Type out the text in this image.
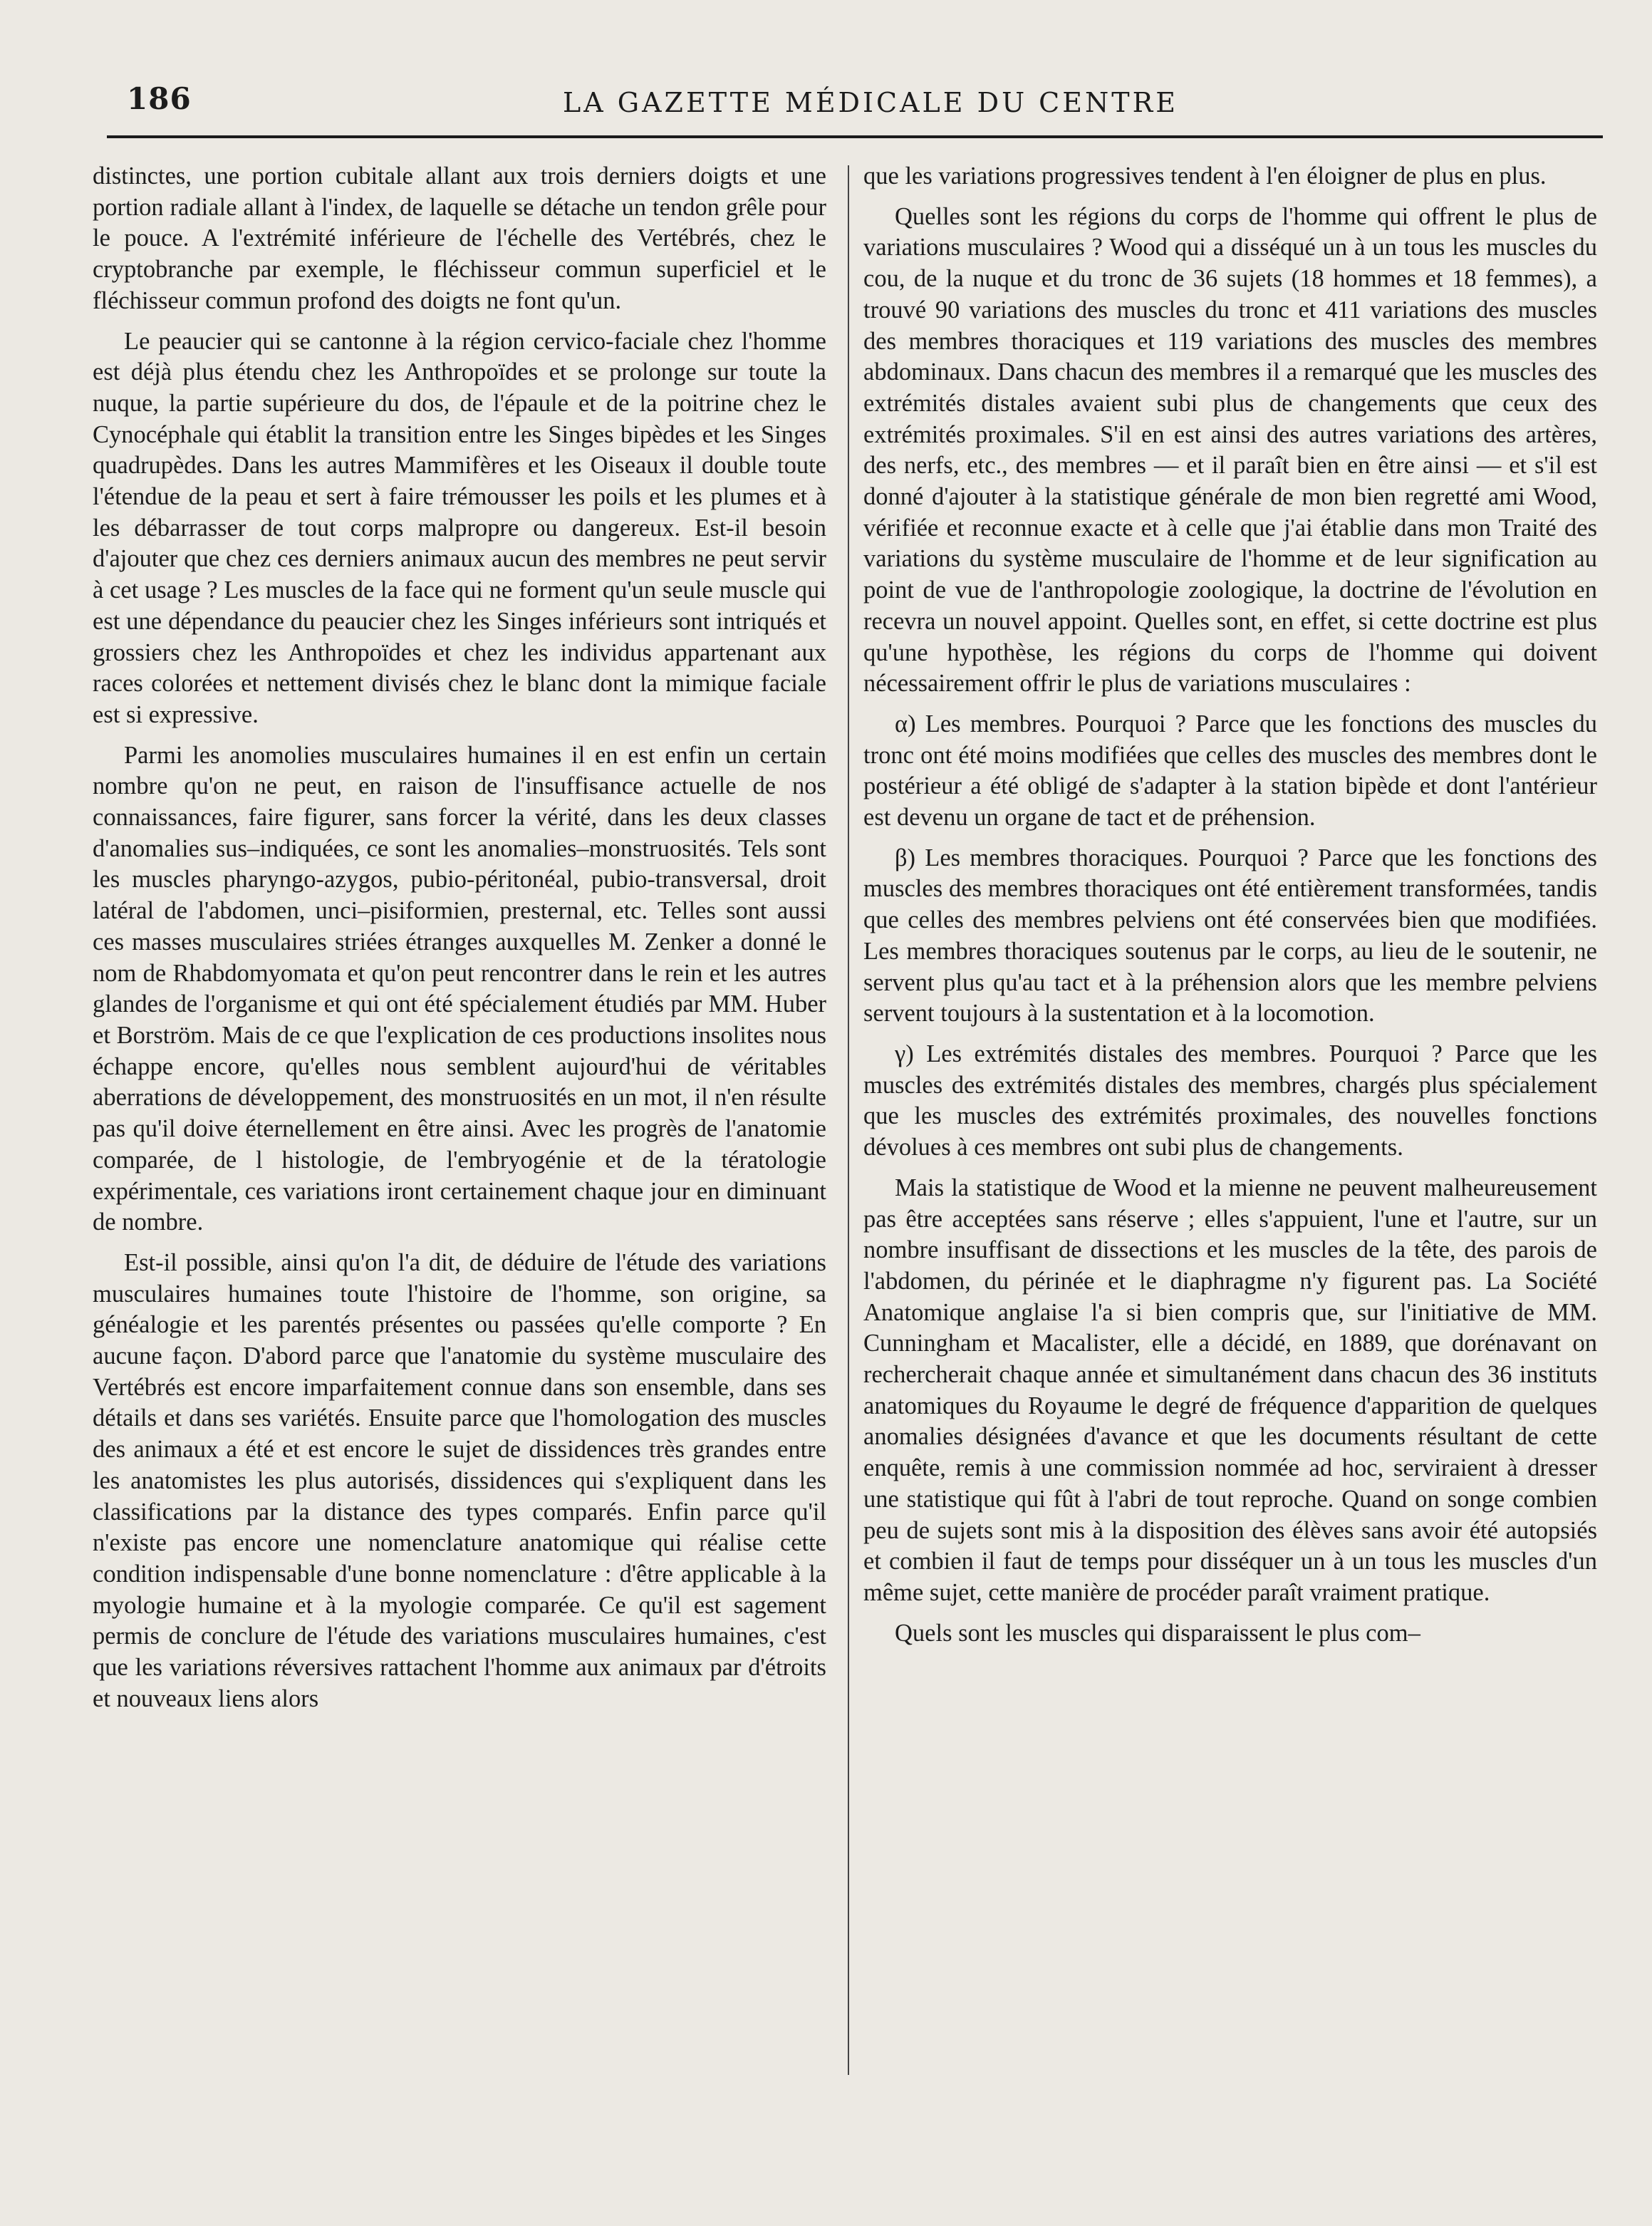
186	LA GAZETTE MÉDICALE DU CENTRE

distinctes, une portion cubitale allant aux trois derniers doigts et une portion radiale allant à l'index, de laquelle se détache un tendon grêle pour le pouce. A l'extrémité inférieure de l'échelle des Vertébrés, chez le cryptobranche par exemple, le fléchisseur commun superficiel et le fléchisseur commun profond des doigts ne font qu'un.

Le peaucier qui se cantonne à la région cervico-faciale chez l'homme est déjà plus étendu chez les Anthropoïdes et se prolonge sur toute la nuque, la partie supérieure du dos, de l'épaule et de la poitrine chez le Cynocéphale qui établit la transition entre les Singes bipèdes et les Singes quadrupèdes. Dans les autres Mammifères et les Oiseaux il double toute l'étendue de la peau et sert à faire trémousser les poils et les plumes et à les débarrasser de tout corps malpropre ou dangereux. Est-il besoin d'ajouter que chez ces derniers animaux aucun des membres ne peut servir à cet usage ? Les muscles de la face qui ne forment qu'un seule muscle qui est une dépendance du peaucier chez les Singes inférieurs sont intriqués et grossiers chez les Anthropoïdes et chez les individus appartenant aux races colorées et nettement divisés chez le blanc dont la mimique faciale est si expressive.

Parmi les anomolies musculaires humaines il en est enfin un certain nombre qu'on ne peut, en raison de l'insuffisance actuelle de nos connaissances, faire figurer, sans forcer la vérité, dans les deux classes d'anomalies sus–indiquées, ce sont les anomalies–monstruosités. Tels sont les muscles pharyngo-azygos, pubio-péritonéal, pubio-transversal, droit latéral de l'abdomen, unci–pisiformien, presternal, etc. Telles sont aussi ces masses musculaires striées étranges auxquelles M. Zenker a donné le nom de Rhabdomyomata et qu'on peut rencontrer dans le rein et les autres glandes de l'organisme et qui ont été spécialement étudiés par MM. Huber et Borström. Mais de ce que l'explication de ces productions insolites nous échappe encore, qu'elles nous semblent aujourd'hui de véritables aberrations de développement, des monstruosités en un mot, il n'en résulte pas qu'il doive éternellement en être ainsi. Avec les progrès de l'anatomie comparée, de l histologie, de l'embryogénie et de la tératologie expérimentale, ces variations iront certainement chaque jour en diminuant de nombre.

Est-il possible, ainsi qu'on l'a dit, de déduire de l'étude des variations musculaires humaines toute l'histoire de l'homme, son origine, sa généalogie et les parentés présentes ou passées qu'elle comporte ? En aucune façon. D'abord parce que l'anatomie du système musculaire des Vertébrés est encore imparfaitement connue dans son ensemble, dans ses détails et dans ses variétés. Ensuite parce que l'homologation des muscles des animaux a été et est encore le sujet de dissidences très grandes entre les anatomistes les plus autorisés, dissidences qui s'expliquent dans les classifications par la distance des types comparés. Enfin parce qu'il n'existe pas encore une nomenclature anatomique qui réalise cette condition indispensable d'une bonne nomenclature : d'être applicable à la myologie humaine et à la myologie comparée. Ce qu'il est sagement permis de conclure de l'étude des variations musculaires humaines, c'est que les variations réversives rattachent l'homme aux animaux par d'étroits et nouveaux liens alors

que les variations progressives tendent à l'en éloigner de plus en plus.

Quelles sont les régions du corps de l'homme qui offrent le plus de variations musculaires ? Wood qui a disséqué un à un tous les muscles du cou, de la nuque et du tronc de 36 sujets (18 hommes et 18 femmes), a trouvé 90 variations des muscles du tronc et 411 variations des muscles des membres thoraciques et 119 variations des muscles des membres abdominaux. Dans chacun des membres il a remarqué que les muscles des extrémités distales avaient subi plus de changements que ceux des extrémités proximales. S'il en est ainsi des autres variations des artères, des nerfs, etc., des membres — et il paraît bien en être ainsi — et s'il est donné d'ajouter à la statistique générale de mon bien regretté ami Wood, vérifiée et reconnue exacte et à celle que j'ai établie dans mon Traité des variations du système musculaire de l'homme et de leur signification au point de vue de l'anthropologie zoologique, la doctrine de l'évolution en recevra un nouvel appoint. Quelles sont, en effet, si cette doctrine est plus qu'une hypothèse, les régions du corps de l'homme qui doivent nécessairement offrir le plus de variations musculaires :

α) Les membres. Pourquoi ? Parce que les fonctions des muscles du tronc ont été moins modifiées que celles des muscles des membres dont le postérieur a été obligé de s'adapter à la station bipède et dont l'antérieur est devenu un organe de tact et de préhension.

β) Les membres thoraciques. Pourquoi ? Parce que les fonctions des muscles des membres thoraciques ont été entièrement transformées, tandis que celles des membres pelviens ont été conservées bien que modifiées. Les membres thoraciques soutenus par le corps, au lieu de le soutenir, ne servent plus qu'au tact et à la préhension alors que les membre pelviens servent toujours à la sustentation et à la locomotion.

γ) Les extrémités distales des membres. Pourquoi ? Parce que les muscles des extrémités distales des membres, chargés plus spécialement que les muscles des extrémités proximales, des nouvelles fonctions dévolues à ces membres ont subi plus de changements.

Mais la statistique de Wood et la mienne ne peuvent malheureusement pas être acceptées sans réserve ; elles s'appuient, l'une et l'autre, sur un nombre insuffisant de dissections et les muscles de la tête, des parois de l'abdomen, du périnée et le diaphragme n'y figurent pas. La Société Anatomique anglaise l'a si bien compris que, sur l'initiative de MM. Cunningham et Macalister, elle a décidé, en 1889, que dorénavant on rechercherait chaque année et simultanément dans chacun des 36 instituts anatomiques du Royaume le degré de fréquence d'apparition de quelques anomalies désignées d'avance et que les documents résultant de cette enquête, remis à une commission nommée ad hoc, serviraient à dresser une statistique qui fût à l'abri de tout reproche. Quand on songe combien peu de sujets sont mis à la disposition des élèves sans avoir été autopsiés et combien il faut de temps pour disséquer un à un tous les muscles d'un même sujet, cette manière de procéder paraît vraiment pratique.

Quels sont les muscles qui disparaissent le plus com–
